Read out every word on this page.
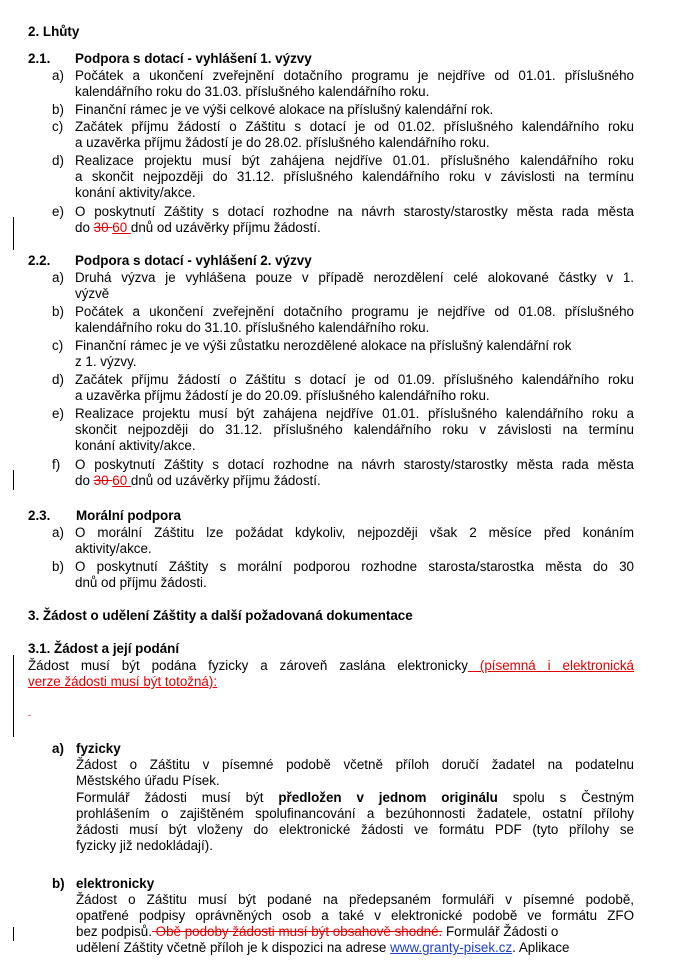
2. Lhůty
2.1. Podpora s dotací - vyhlášení 1. výzvy
a) Počátek a ukončení zveřejnění dotačního programu je nejdříve od 01.01. příslušného
kalendářního roku do 31.03. příslušného kalendářního roku.
b) Finanční rámec je ve výši celkové alokace na příslušný kalendářní rok.
c) Začátek příjmu žádostí o Záštitu s dotací je od 01.02. příslušného kalendářního roku
a uzavěrka příjmu žádostí je do 28.02. příslušného kalendářního roku.
d) Realizace projektu musí být zahájena nejdříve 01.01. příslušného kalendářního roku
a skončit nejpozději do 31.12. příslušného kalendářního roku v závislosti na termínu
konání aktivity/akce.
e) O poskytnutí Záštity s dotací rozhodne na návrh starosty/starostky města rada města
do 30 60 dnů od uzávěrky příjmu žádostí.
2.2. Podpora s dotací - vyhlášení 2. výzvy
a) Druhá výzva je vyhlášena pouze v případě nerozdělení celé alokované částky v 1.
výzvě
b) Počátek a ukončení zveřejnění dotačního programu je nejdříve od 01.08. příslušného
kalendářního roku do 31.10. příslušného kalendářního roku.
c) Finanční rámec je ve výši zůstatku nerozdělené alokace na příslušný kalendářní rok
z 1. výzvy.
d) Začátek příjmu žádostí o Záštitu s dotací je od 01.09. příslušného kalendářního roku
a uzavěrka příjmu žádostí je do 20.09. příslušného kalendářního roku.
e) Realizace projektu musí být zahájena nejdříve 01.01. příslušného kalendářního roku a
skončit nejpozději do 31.12. příslušného kalendářního roku v závislosti na termínu
konání aktivity/akce.
f) O poskytnutí Záštity s dotací rozhodne na návrh starosty/starostky města rada města
do 30 60 dnů od uzávěrky příjmu žádostí.
2.3. Morální podpora
a) O morální Záštitu lze požádat kdykoliv, nejpozději však 2 měsíce před konáním
aktivity/akce.
b) O poskytnutí Záštity s morální podporou rozhodne starosta/starostka města do 30
dnů od příjmu žádosti.
3. Žádost o udělení Záštity a další požadovaná dokumentace
3.1. Žádost a její podání
Žádost musí být podána fyzicky a zároveň zaslána elektronicky (písemná i elektronická
verze žádosti musí být totožná):
-
a) fyzicky
Žádost o Záštitu v písemné podobě včetně příloh doručí žadatel na podatelnu
Městského úřadu Písek.
Formulář žádosti musí být předložen v jednom originálu spolu s Čestným
prohlášením o zajištěném spolufinancování a bezúhonnosti žadatele, ostatní přílohy
žádosti musí být vloženy do elektronické žádosti ve formátu PDF (tyto přílohy se
fyzicky již nedokládají).
b) elektronicky
Žádost o Záštitu musí být podané na předepsaném formuláři v písemné podobě,
opatřené podpisy oprávněných osob a také v elektronické podobě ve formátu ZFO
bez podpisů. Obě podoby žádosti musí být obsahově shodné. Formulář Žádosti o
udělení Záštity včetně příloh je k dispozici na adrese www.granty-pisek.cz. Aplikace
